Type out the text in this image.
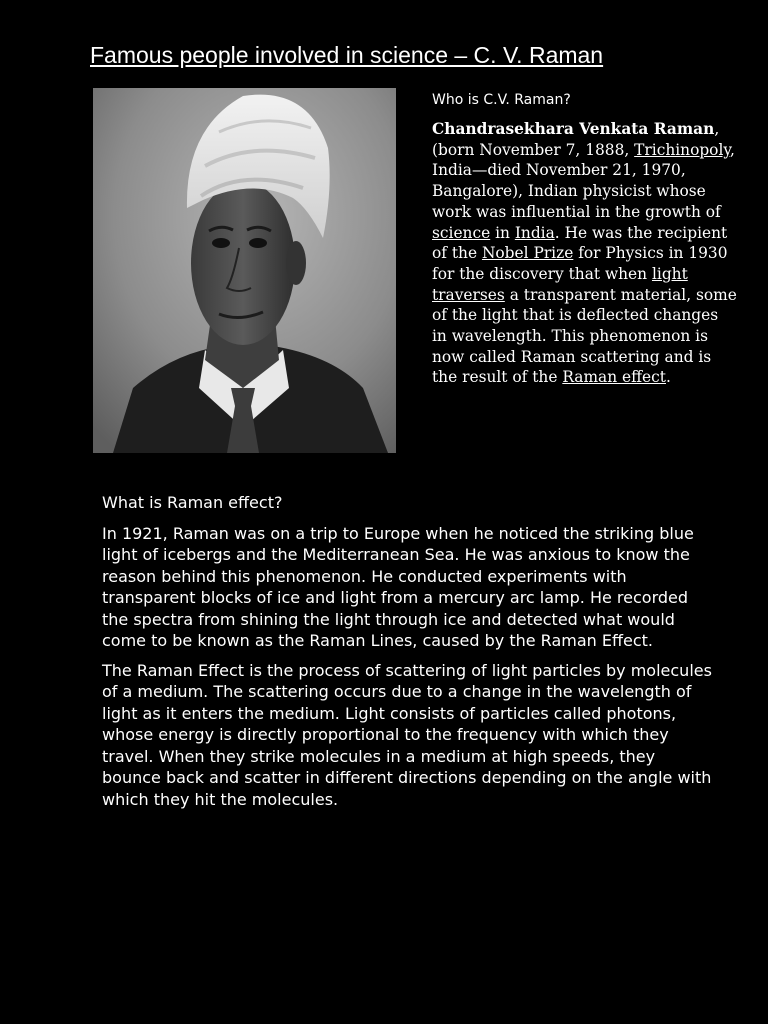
Famous people involved in science – C. V. Raman

Who is C.V. Raman?

Chandrasekhara Venkata Raman, (born November 7, 1888, Trichinopoly, India—died November 21, 1970, Bangalore), Indian physicist whose work was influential in the growth of science in India. He was the recipient of the Nobel Prize for Physics in 1930 for the discovery that when light traverses a transparent material, some of the light that is deflected changes in wavelength. This phenomenon is now called Raman scattering and is the result of the Raman effect.

What is Raman effect?

In 1921, Raman was on a trip to Europe when he noticed the striking blue light of icebergs and the Mediterranean Sea. He was anxious to know the reason behind this phenomenon. He conducted experiments with transparent blocks of ice and light from a mercury arc lamp. He recorded the spectra from shining the light through ice and detected what would come to be known as the Raman Lines, caused by the Raman Effect.

The Raman Effect is the process of scattering of light particles by molecules of a medium. The scattering occurs due to a change in the wavelength of light as it enters the medium. Light consists of particles called photons, whose energy is directly proportional to the frequency with which they travel. When they strike molecules in a medium at high speeds, they bounce back and scatter in different directions depending on the angle with which they hit the molecules.
